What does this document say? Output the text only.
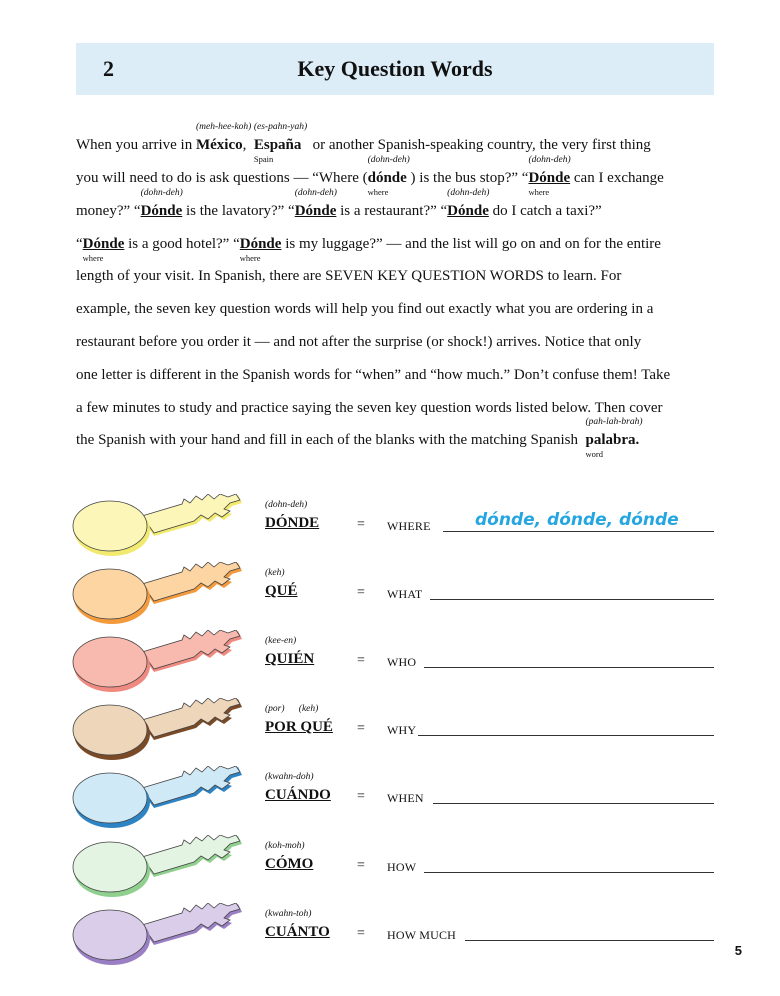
2	Key Question Words
When you arrive in
(meh-hee-koh)
México,
(es-pahn-yah)
España
Spain
or another Spanish-speaking country, the very first thing
you will need to do is ask questions — “Where (
(dohn-deh)
dónde
where
) is the bus stop?” “
(dohn-deh)
Dónde
where
can I exchange
money?” “
(dohn-deh)
Dónde is the lavatory?” “
(dohn-deh)
Dónde is a restaurant?” “
(dohn-deh)
Dónde do I catch a taxi?”
“Dónde
where
is a good hotel?” “Dónde
where
is my luggage?” — and the list will go on and on for the entire
length of your visit. In Spanish, there are SEVEN KEY QUESTION WORDS to learn. For
example, the seven key question words will help you find out exactly what you are ordering in a
restaurant before you order it — and not after the surprise (or shock!) arrives. Notice that only
one letter is different in the Spanish words for “when” and “how much.” Don’t confuse them! Take
a few minutes to study and practice saying the seven key question words listed below. Then cover
the Spanish with your hand and fill in each of the blanks with the matching Spanish
(pah-lah-brah)
palabra.
word
(dohn-deh)
DÓNDE	= WHERE	dónde, dónde, dónde
(keh)
QUÉ	= WHAT
(kee-en)
QUIÉN	= WHO
(por)      (keh)
POR QUÉ = WHY
(kwahn-doh)
CUÁNDO = WHEN
(koh-moh)
CÓMO	= HOW
(kwahn-toh)
CUÁNTO = HOW MUCH
5
